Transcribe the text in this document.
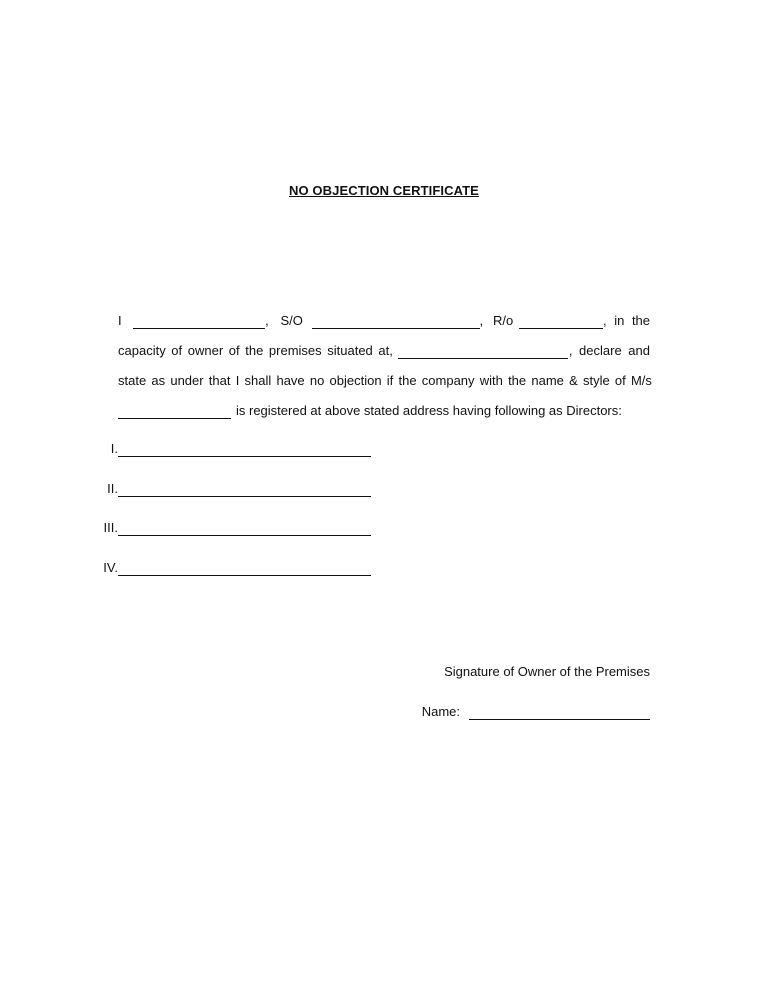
NO OBJECTION CERTIFICATE
I	, S/O	, R/o	, in the
capacity of owner of the premises situated at,	, declare and
state as under that I shall have no objection if the company with the name & style of M/s
is registered at above stated address having following as Directors:
I.
II.
III.
IV.
Signature of Owner of the Premises
Name:
